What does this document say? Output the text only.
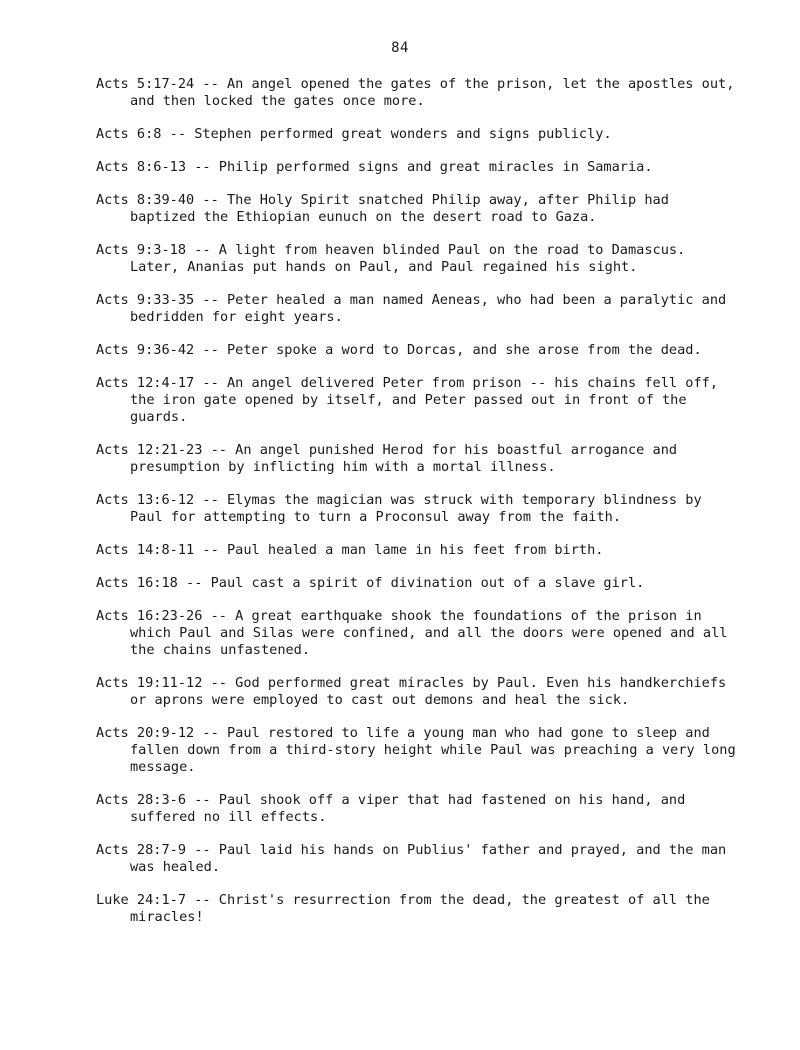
84
Acts 5:17-24 -- An angel opened the gates of the prison, let the apostles out, and then locked the gates once more.
Acts 6:8 -- Stephen performed great wonders and signs publicly.
Acts 8:6-13 -- Philip performed signs and great miracles in Samaria.
Acts 8:39-40 -- The Holy Spirit snatched Philip away, after Philip had baptized the Ethiopian eunuch on the desert road to Gaza.
Acts 9:3-18 -- A light from heaven blinded Paul on the road to Damascus. Later, Ananias put hands on Paul, and Paul regained his sight.
Acts 9:33-35 -- Peter healed a man named Aeneas, who had been a paralytic and bedridden for eight years.
Acts 9:36-42 -- Peter spoke a word to Dorcas, and she arose from the dead.
Acts 12:4-17 -- An angel delivered Peter from prison -- his chains fell off, the iron gate opened by itself, and Peter passed out in front of the guards.
Acts 12:21-23 -- An angel punished Herod for his boastful arrogance and presumption by inflicting him with a mortal illness.
Acts 13:6-12 -- Elymas the magician was struck with temporary blindness by Paul for attempting to turn a Proconsul away from the faith.
Acts 14:8-11 -- Paul healed a man lame in his feet from birth.
Acts 16:18 -- Paul cast a spirit of divination out of a slave girl.
Acts 16:23-26 -- A great earthquake shook the foundations of the prison in which Paul and Silas were confined, and all the doors were opened and all the chains unfastened.
Acts 19:11-12 -- God performed great miracles by Paul. Even his handkerchiefs or aprons were employed to cast out demons and heal the sick.
Acts 20:9-12 -- Paul restored to life a young man who had gone to sleep and fallen down from a third-story height while Paul was preaching a very long message.
Acts 28:3-6 -- Paul shook off a viper that had fastened on his hand, and suffered no ill effects.
Acts 28:7-9 -- Paul laid his hands on Publius' father and prayed, and the man was healed.
Luke 24:1-7 -- Christ's resurrection from the dead, the greatest of all the miracles!
